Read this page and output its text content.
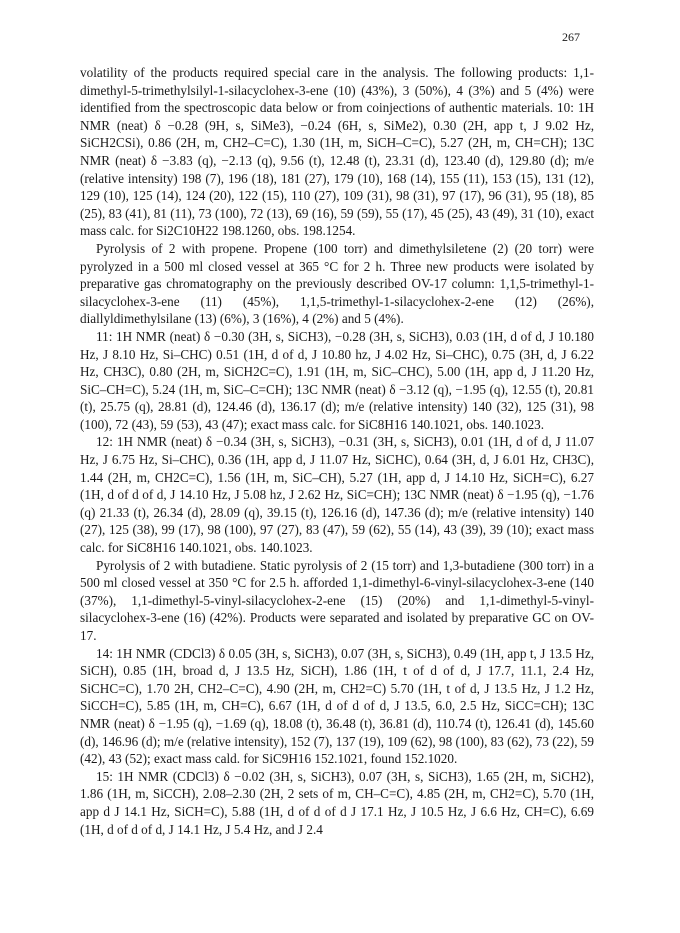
267

volatility of the products required special care in the analysis. The following products: 1,1-dimethyl-5-trimethylsilyl-1-silacyclohex-3-ene (10) (43%), 3 (50%), 4 (3%) and 5 (4%) were identified from the spectroscopic data below or from coinjections of authentic materials. 10: 1H NMR (neat) δ −0.28 (9H, s, SiMe3), −0.24 (6H, s, SiMe2), 0.30 (2H, app t, J 9.02 Hz, SiCH2CSi), 0.86 (2H, m, CH2–C=C), 1.30 (1H, m, SiCH–C=C), 5.27 (2H, m, CH=CH); 13C NMR (neat) δ −3.83 (q), −2.13 (q), 9.56 (t), 12.48 (t), 23.31 (d), 123.40 (d), 129.80 (d); m/e (relative intensity) 198 (7), 196 (18), 181 (27), 179 (10), 168 (14), 155 (11), 153 (15), 131 (12), 129 (10), 125 (14), 124 (20), 122 (15), 110 (27), 109 (31), 98 (31), 97 (17), 96 (31), 95 (18), 85 (25), 83 (41), 81 (11), 73 (100), 72 (13), 69 (16), 59 (59), 55 (17), 45 (25), 43 (49), 31 (10), exact mass calc. for Si2C10H22 198.1260, obs. 198.1254.

Pyrolysis of 2 with propene. Propene (100 torr) and dimethylsiletene (2) (20 torr) were pyrolyzed in a 500 ml closed vessel at 365 °C for 2 h. Three new products were isolated by preparative gas chromatography on the previously described OV-17 column: 1,1,5-trimethyl-1-silacyclohex-3-ene (11) (45%), 1,1,5-trimethyl-1-silacyclohex-2-ene (12) (26%), diallyldimethylsilane (13) (6%), 3 (16%), 4 (2%) and 5 (4%).

11: 1H NMR (neat) δ −0.30 (3H, s, SiCH3), −0.28 (3H, s, SiCH3), 0.03 (1H, d of d, J 10.180 Hz, J 8.10 Hz, Si–CHC) 0.51 (1H, d of d, J 10.80 hz, J 4.02 Hz, Si–CHC), 0.75 (3H, d, J 6.22 Hz, CH3C), 0.80 (2H, m, SiCH2C=C), 1.91 (1H, m, SiC–CHC), 5.00 (1H, app d, J 11.20 Hz, SiC–CH=C), 5.24 (1H, m, SiC–C=CH); 13C NMR (neat) δ −3.12 (q), −1.95 (q), 12.55 (t), 20.81 (t), 25.75 (q), 28.81 (d), 124.46 (d), 136.17 (d); m/e (relative intensity) 140 (32), 125 (31), 98 (100), 72 (43), 59 (53), 43 (47); exact mass calc. for SiC8H16 140.1021, obs. 140.1023.

12: 1H NMR (neat) δ −0.34 (3H, s, SiCH3), −0.31 (3H, s, SiCH3), 0.01 (1H, d of d, J 11.07 Hz, J 6.75 Hz, Si–CHC), 0.36 (1H, app d, J 11.07 Hz, SiCHC), 0.64 (3H, d, J 6.01 Hz, CH3C), 1.44 (2H, m, CH2C=C), 1.56 (1H, m, SiC–CH), 5.27 (1H, app d, J 14.10 Hz, SiCH=C), 6.27 (1H, d of d of d, J 14.10 Hz, J 5.08 hz, J 2.62 Hz, SiC=CH); 13C NMR (neat) δ −1.95 (q), −1.76 (q) 21.33 (t), 26.34 (d), 28.09 (q), 39.15 (t), 126.16 (d), 147.36 (d); m/e (relative intensity) 140 (27), 125 (38), 99 (17), 98 (100), 97 (27), 83 (47), 59 (62), 55 (14), 43 (39), 39 (10); exact mass calc. for SiC8H16 140.1021, obs. 140.1023.

Pyrolysis of 2 with butadiene. Static pyrolysis of 2 (15 torr) and 1,3-butadiene (300 torr) in a 500 ml closed vessel at 350 °C for 2.5 h. afforded 1,1-dimethyl-6-vinyl-silacyclohex-3-ene (140 (37%), 1,1-dimethyl-5-vinyl-silacyclohex-2-ene (15) (20%) and 1,1-dimethyl-5-vinyl-silacyclohex-3-ene (16) (42%). Products were separated and isolated by preparative GC on OV-17.

14: 1H NMR (CDCl3) δ 0.05 (3H, s, SiCH3), 0.07 (3H, s, SiCH3), 0.49 (1H, app t, J 13.5 Hz, SiCH), 0.85 (1H, broad d, J 13.5 Hz, SiCH), 1.86 (1H, t of d of d, J 17.7, 11.1, 2.4 Hz, SiCHC=C), 1.70 2H, CH2–C=C), 4.90 (2H, m, CH2=C) 5.70 (1H, t of d, J 13.5 Hz, J 1.2 Hz, SiCCH=C), 5.85 (1H, m, CH=C), 6.67 (1H, d of d of d, J 13.5, 6.0, 2.5 Hz, SiCC=CH); 13C NMR (neat) δ −1.95 (q), −1.69 (q), 18.08 (t), 36.48 (t), 36.81 (d), 110.74 (t), 126.41 (d), 145.60 (d), 146.96 (d); m/e (relative intensity), 152 (7), 137 (19), 109 (62), 98 (100), 83 (62), 73 (22), 59 (42), 43 (52); exact mass cald. for SiC9H16 152.1021, found 152.1020.

15: 1H NMR (CDCl3) δ −0.02 (3H, s, SiCH3), 0.07 (3H, s, SiCH3), 1.65 (2H, m, SiCH2), 1.86 (1H, m, SiCCH), 2.08–2.30 (2H, 2 sets of m, CH–C=C), 4.85 (2H, m, CH2=C), 5.70 (1H, app d J 14.1 Hz, SiCH=C), 5.88 (1H, d of d of d J 17.1 Hz, J 10.5 Hz, J 6.6 Hz, CH=C), 6.69 (1H, d of d of d, J 14.1 Hz, J 5.4 Hz, and J 2.4
